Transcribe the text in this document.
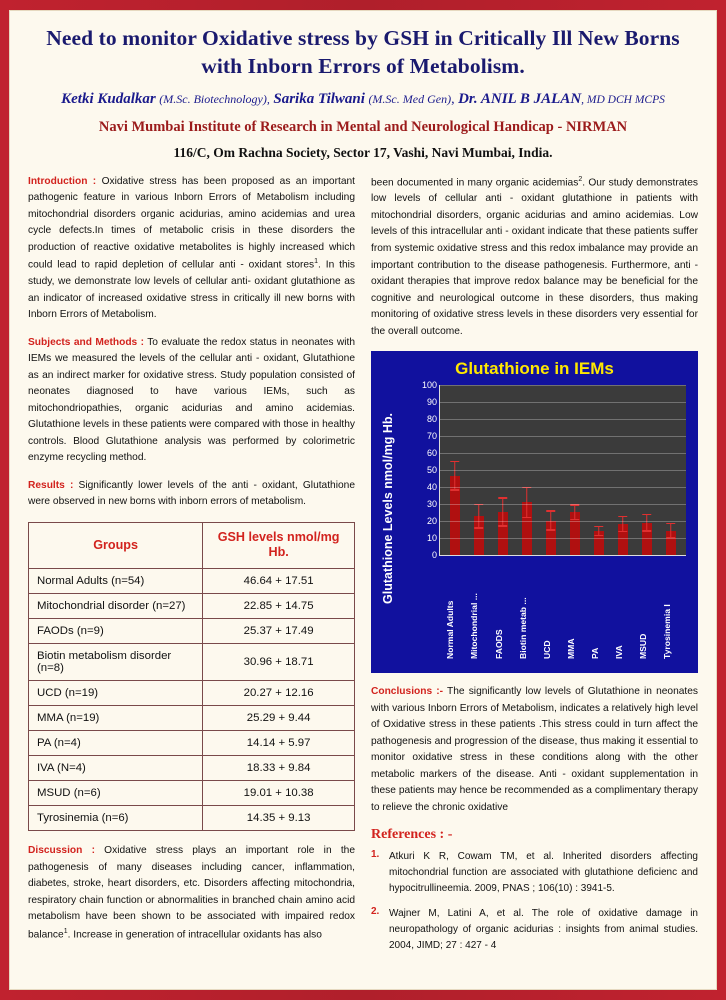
Need to monitor Oxidative stress by GSH in Critically Ill New Borns with Inborn Errors of Metabolism.
Ketki Kudalkar (M.Sc. Biotechnology), Sarika Tilwani (M.Sc. Med Gen), Dr. ANIL B JALAN, MD DCH MCPS
Navi Mumbai Institute of Research in Mental and Neurological Handicap - NIRMAN
116/C, Om Rachna Society, Sector 17, Vashi, Navi Mumbai, India.
Introduction : Oxidative stress has been proposed as an important pathogenic feature in various Inborn Errors of Metabolism including mitochondrial disorders organic acidurias, amino acidemias and urea cycle defects.In times of metabolic crisis in these disorders the production of reactive oxidative metabolites is highly increased which could lead to rapid depletion of cellular anti - oxidant stores$^1$. In this study, we demonstrate low levels of cellular anti- oxidant glutathione as an indicator of increased oxidative stress in critically ill new borns with Inborn Errors of Metabolism.
Subjects and Methods : To evaluate the redox status in neonates with IEMs we measured the levels of the cellular anti - oxidant, Glutathione as an indirect marker for oxidative stress. Study population consisted of neonates diagnosed to have various IEMs, such as mitochondriopathies, organic acidurias and amino acidemias. Glutathione levels in these patients were compared with those in healthy controls. Blood Glutathione analysis was performed by colorimetric enzyme recycling method.
Results : Significantly lower levels of the anti - oxidant, Glutathione were observed in new borns with inborn errors of metabolism.
Groups	GSH levels nmol/mg Hb.
Normal Adults (n=54)	46.64 + 17.51
Mitochondrial disorder (n=27)	22.85 + 14.75
FAODs (n=9)	25.37 + 17.49
Biotin metabolism disorder (n=8)	30.96 + 18.71
UCD (n=19)	20.27 + 12.16
MMA (n=19)	25.29 + 9.44
PA (n=4)	14.14 + 5.97
IVA (N=4)	18.33 + 9.84
MSUD (n=6)	19.01 + 10.38
Tyrosinemia (n=6)	14.35 + 9.13
Discussion : Oxidative stress plays an important role in the pathogenesis of many diseases including cancer, inflammation, diabetes, stroke, heart disorders, etc. Disorders affecting mitochondria, respiratory chain function or abnormalities in branched chain amino acid metabolism have been shown to be associated with impaired redox balance$^1$. Increase in generation of intracellular oxidants has also
been documented in many organic acidemias$^2$. Our study demonstrates low levels of cellular anti - oxidant glutathione in patients with mitochondrial disorders, organic acidurias and amino acidemias. Low levels of this intracellular anti - oxidant indicate that these patients suffer from systemic oxidative stress and this redox imbalance may provide an important contribution to the disease pathogenesis. Furthermore, anti - oxidant therapies that improve redox balance may be beneficial for the cognitive and neurological outcome in these disorders, thus making monitoring of oxidative stress levels in these disorders very essential for the overall outcome.
Glutathione in IEMs
Glutathione Levels nmol/mg Hb.	0
10
20
30
40
50
60
70
80
90
100
Normal Adults	Mitochondrial ...	FAODS	Biotin metab ...	UCD	MMA	PA	IVA	MSUD	Tyrosinemia I
Conclusions :- The significantly low levels of Glutathione in neonates with various Inborn Errors of Metabolism, indicates a relatively high level of Oxidative stress in these patients .This stress could in turn affect the pathogenesis and progression of the disease, thus making it essential to monitor oxidative stress in these conditions along with the other metabolic markers of the disease. Anti - oxidant supplementation in these patients may hence be recommended as a complimentary therapy to relieve the chronic oxidative
References : -
1. Atkuri K R, Cowam TM, et al. Inherited disorders affecting mitochondrial function are associated with glutathione deficienc and hypocitrullineemia. 2009, PNAS ; 106(10) : 3941-5.
2. Wajner M, Latini A, et al. The role of oxidative damage in neuropathology of organic acidurias : insights from animal studies. 2004, JIMD; 27 : 427 - 4
